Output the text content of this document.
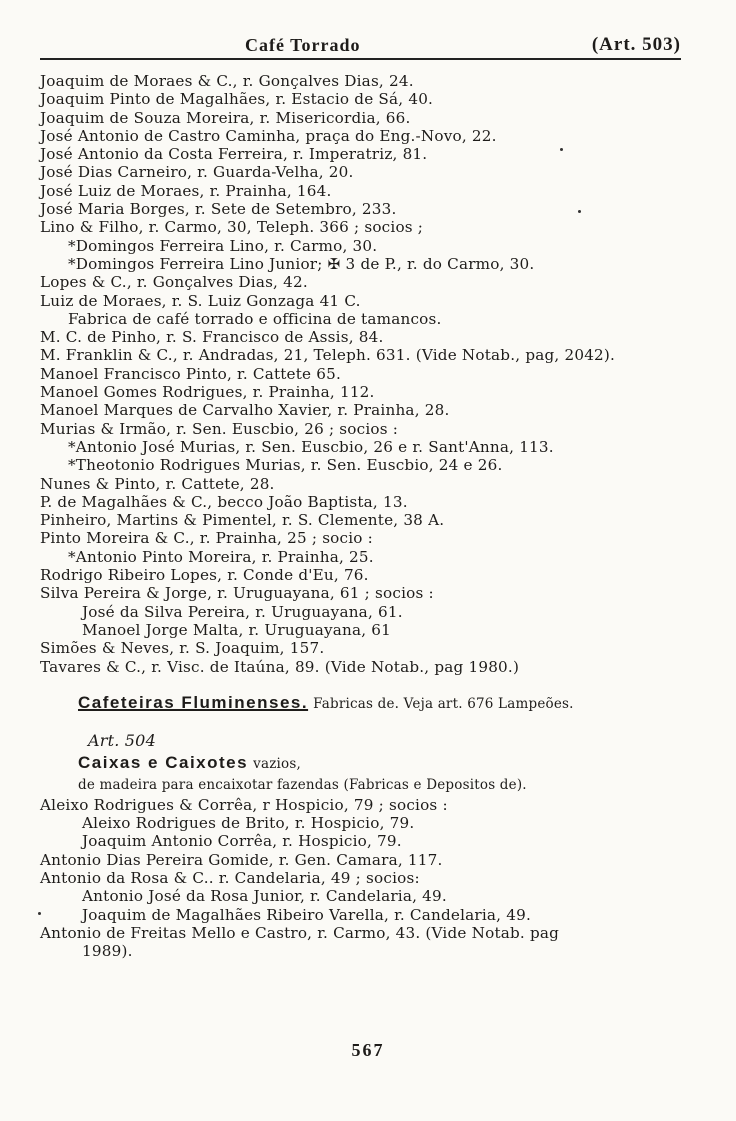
Café Torrado	(Art. 503)
Joaquim de Moraes & C., r. Gonçalves Dias, 24.
Joaquim Pinto de Magalhães, r. Estacio de Sá, 40.
Joaquim de Souza Moreira, r. Misericordia, 66.
José Antonio de Castro Caminha, praça do Eng.-Novo, 22.
José Antonio da Costa Ferreira, r. Imperatriz, 81.
José Dias Carneiro, r. Guarda-Velha, 20.
José Luiz de Moraes, r. Prainha, 164.
José Maria Borges, r. Sete de Setembro, 233.
Lino & Filho, r. Carmo, 30, Teleph. 366 ; socios ;
*Domingos Ferreira Lino, r. Carmo, 30.
*Domingos Ferreira Lino Junior; ✠ 3 de P., r. do Carmo, 30.
Lopes & C., r. Gonçalves Dias, 42.
Luiz de Moraes, r. S. Luiz Gonzaga 41 C.
Fabrica de café torrado e officina de tamancos.
M. C. de Pinho, r. S. Francisco de Assis, 84.
M. Franklin & C., r. Andradas, 21, Teleph. 631. (Vide Notab., pag, 2042).
Manoel Francisco Pinto, r. Cattete 65.
Manoel Gomes Rodrigues, r. Prainha, 112.
Manoel Marques de Carvalho Xavier, r. Prainha, 28.
Murias & Irmão, r. Sen. Euscbio, 26 ; socios :
*Antonio José Murias, r. Sen. Euscbio, 26 e r. Sant'Anna, 113.
*Theotonio Rodrigues Murias, r. Sen. Euscbio, 24 e 26.
Nunes & Pinto, r. Cattete, 28.
P. de Magalhães & C., becco João Baptista, 13.
Pinheiro, Martins & Pimentel, r. S. Clemente, 38 A.
Pinto Moreira & C., r. Prainha, 25 ; socio :
*Antonio Pinto Moreira, r. Prainha, 25.
Rodrigo Ribeiro Lopes, r. Conde d'Eu, 76.
Silva Pereira & Jorge, r. Uruguayana, 61 ; socios :
José da Silva Pereira, r. Uruguayana, 61.
Manoel Jorge Malta, r. Uruguayana, 61
Simões & Neves, r. S. Joaquim, 157.
Tavares & C., r. Visc. de Itaúna, 89. (Vide Notab., pag 1980.)
Cafeteiras Fluminenses. Fabricas de. Veja art. 676 Lampeões.
Art. 504
Caixas e Caixotes vazios,
de madeira para encaixotar fazendas (Fabricas e Depositos de).
Aleixo Rodrigues & Corrêa, r Hospicio, 79 ; socios :
Aleixo Rodrigues de Brito, r. Hospicio, 79.
Joaquim Antonio Corrêa, r. Hospicio, 79.
Antonio Dias Pereira Gomide, r. Gen. Camara, 117.
Antonio da Rosa & C.. r. Candelaria, 49 ; socios:
Antonio José da Rosa Junior, r. Candelaria, 49.
Joaquim de Magalhães Ribeiro Varella, r. Candelaria, 49.
Antonio de Freitas Mello e Castro, r. Carmo, 43. (Vide Notab. pag
1989).
567
